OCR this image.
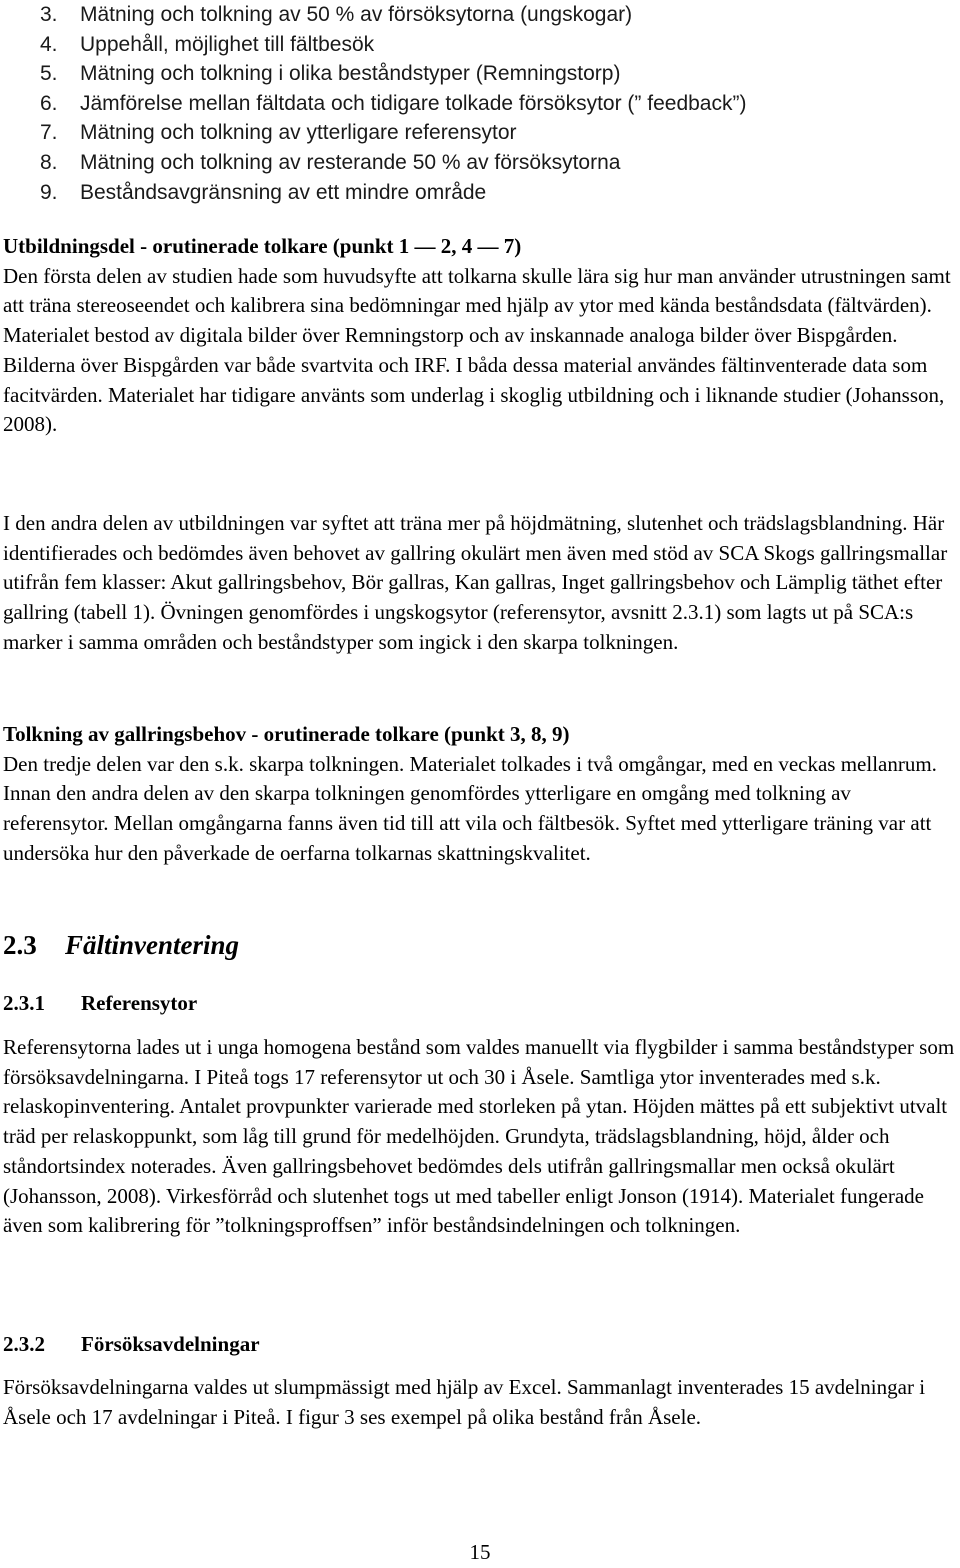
3. Mätning och tolkning av 50 % av försöksytorna (ungskogar)
4. Uppehåll, möjlighet till fältbesök
5. Mätning och tolkning i olika beståndstyper (Remningstorp)
6. Jämförelse mellan fältdata och tidigare tolkade försöksytor (” feedback”)
7. Mätning och tolkning av ytterligare referensytor
8. Mätning och tolkning av resterande 50 % av försöksytorna
9. Beståndsavgränsning av ett mindre område

Utbildningsdel - orutinerade tolkare (punkt 1 — 2, 4 — 7)

Den första delen av studien hade som huvudsyfte att tolkarna skulle lära sig hur man använder utrustningen samt att träna stereoseendet och kalibrera sina bedömningar med hjälp av ytor med kända beståndsdata (fältvärden). Materialet bestod av digitala bilder över Remningstorp och av inskannade analoga bilder över Bispgården. Bilderna över Bispgården var både svartvita och IRF. I båda dessa material användes fältinventerade data som facitvärden. Materialet har tidigare använts som underlag i skoglig utbildning och i liknande studier (Johansson, 2008).

I den andra delen av utbildningen var syftet att träna mer på höjdmätning, slutenhet och trädslagsblandning. Här identifierades och bedömdes även behovet av gallring okulärt men även med stöd av SCA Skogs gallringsmallar utifrån fem klasser: Akut gallringsbehov, Bör gallras, Kan gallras, Inget gallringsbehov och Lämplig täthet efter gallring (tabell 1). Övningen genomfördes i ungskogsytor (referensytor, avsnitt 2.3.1) som lagts ut på SCA:s marker i samma områden och beståndstyper som ingick i den skarpa tolkningen.

Tolkning av gallringsbehov - orutinerade tolkare (punkt 3, 8, 9)

Den tredje delen var den s.k. skarpa tolkningen. Materialet tolkades i två omgångar, med en veckas mellanrum. Innan den andra delen av den skarpa tolkningen genomfördes ytterligare en omgång med tolkning av referensytor. Mellan omgångarna fanns även tid till att vila och fältbesök. Syftet med ytterligare träning var att undersöka hur den påverkade de oerfarna tolkarnas skattningskvalitet.

2.3 Fältinventering
2.3.1 Referensytor

Referensytorna lades ut i unga homogena bestånd som valdes manuellt via flygbilder i samma beståndstyper som försöksavdelningarna. I Piteå togs 17 referensytor ut och 30 i Åsele. Samtliga ytor inventerades med s.k. relaskopinventering. Antalet provpunkter varierade med storleken på ytan. Höjden mättes på ett subjektivt utvalt träd per relaskoppunkt, som låg till grund för medelhöjden. Grundyta, trädslagsblandning, höjd, ålder och ståndortsindex noterades. Även gallringsbehovet bedömdes dels utifrån gallringsmallar men också okulärt (Johansson, 2008). Virkesförråd och slutenhet togs ut med tabeller enligt Jonson (1914). Materialet fungerade även som kalibrering för ”tolkningsproffsen” inför beståndsindelningen och tolkningen.

2.3.2 Försöksavdelningar

Försöksavdelningarna valdes ut slumpmässigt med hjälp av Excel. Sammanlagt inventerades 15 avdelningar i Åsele och 17 avdelningar i Piteå. I figur 3 ses exempel på olika bestånd från Åsele.

15
